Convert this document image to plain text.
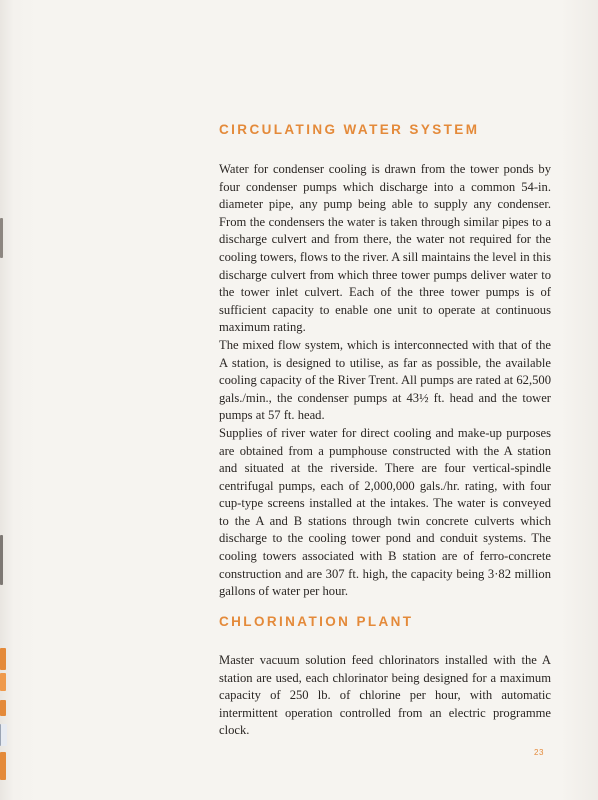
CIRCULATING WATER SYSTEM

Water for condenser cooling is drawn from the tower ponds by four condenser pumps which discharge into a common 54-in. diameter pipe, any pump being able to supply any condenser. From the condensers the water is taken through similar pipes to a discharge culvert and from there, the water not required for the cooling towers, flows to the river. A sill maintains the level in this discharge culvert from which three tower pumps deliver water to the tower inlet culvert. Each of the three tower pumps is of sufficient capacity to enable one unit to operate at continuous maximum rating.

The mixed flow system, which is interconnected with that of the A station, is designed to utilise, as far as possible, the available cooling capacity of the River Trent. All pumps are rated at 62,500 gals./min., the condenser pumps at 43½ ft. head and the tower pumps at 57 ft. head.

Supplies of river water for direct cooling and make-up purposes are obtained from a pumphouse constructed with the A station and situated at the riverside. There are four vertical-spindle centrifugal pumps, each of 2,000,000 gals./hr. rating, with four cup-type screens installed at the intakes. The water is conveyed to the A and B stations through twin concrete culverts which discharge to the cooling tower pond and conduit systems. The cooling towers associated with B station are of ferro-concrete construction and are 307 ft. high, the capacity being 3·82 million gallons of water per hour.

CHLORINATION PLANT

Master vacuum solution feed chlorinators installed with the A station are used, each chlorinator being designed for a maximum capacity of 250 lb. of chlorine per hour, with automatic intermittent operation controlled from an electric programme clock.

23
